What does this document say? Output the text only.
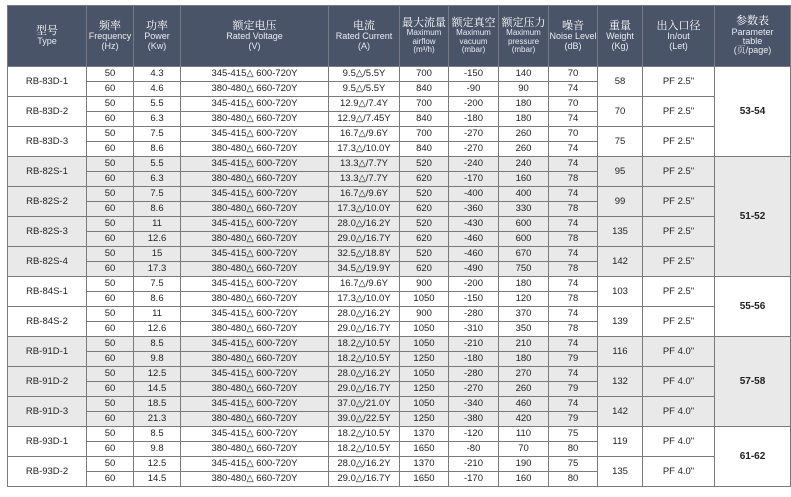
型号
Type	频率
Frequency
(Hz)	功率
Power
(Kw)	额定电压
Rated Voltage
(V)	电流
Rated Current
(A)	最大流量
Maximum
airflow
(m³/h)	额定真空
Maximum
vacuum
(mbar)	额定压力
Maximum
pressure
(mbar)	噪音
Noise Level
(dB)	重量
Weight
(Kg)	出入口径
In/out
(Let)	参数表
Parameter
table
(页/page)

RB-83D-1	50	4.3	345-415△ 600-720Y	9.5△/5.5Y	700	-150	140	70	58	PF 2.5"	53-54
	60	4.6	380-480△ 660-720Y	9.5△/5.5Y	840	-90	90	74			
RB-83D-2	50	5.5	345-415△ 600-720Y	12.9△/7.4Y	700	-200	180	70	70	PF 2.5"	
	60	6.3	380-480△ 660-720Y	12.9△/7.45Y	840	-180	180	74			
RB-83D-3	50	7.5	345-415△ 600-720Y	16.7△/9.6Y	700	-270	260	70	75	PF 2.5"	
	60	8.6	380-480△ 660-720Y	17.3△/10.0Y	840	-270	260	74			
RB-82S-1	50	5.5	345-415△ 600-720Y	13.3△/7.7Y	520	-240	240	74	95	PF 2.5"	51-52
	60	6.3	380-480△ 660-720Y	13.3△/7.7Y	620	-170	160	78			
RB-82S-2	50	7.5	345-415△ 600-720Y	16.7△/9.6Y	520	-400	400	74	99	PF 2.5"	
	60	8.6	380-480△ 660-720Y	17.3△/10.0Y	620	-360	330	78			
RB-82S-3	50	11	345-415△ 600-720Y	28.0△/16.2Y	520	-430	600	74	135	PF 2.5"	
	60	12.6	380-480△ 660-720Y	29.0△/16.7Y	620	-460	600	78			
RB-82S-4	50	15	345-415△ 600-720Y	32.5△/18.8Y	520	-460	670	74	142	PF 2.5"	
	60	17.3	380-480△ 660-720Y	34.5△/19.9Y	620	-490	750	78			
RB-84S-1	50	7.5	345-415△ 600-720Y	16.7△/9.6Y	900	-200	180	74	103	PF 2.5"	55-56
	60	8.6	380-480△ 660-720Y	17.3△/10.0Y	1050	-150	120	78			
RB-84S-2	50	11	345-415△ 600-720Y	28.0△/16.2Y	900	-280	370	74	139	PF 2.5"	
	60	12.6	380-480△ 660-720Y	29.0△/16.7Y	1050	-310	350	78			
RB-91D-1	50	8.5	345-415△ 600-720Y	18.2△/10.5Y	1050	-210	210	74	116	PF 4.0"	57-58
	60	9.8	380-480△ 660-720Y	18.2△/10.5Y	1250	-180	180	79			
RB-91D-2	50	12.5	345-415△ 600-720Y	28.0△/16.2Y	1050	-280	270	74	132	PF 4.0"	
	60	14.5	380-480△ 660-720Y	29.0△/16.7Y	1250	-270	260	79			
RB-91D-3	50	18.5	345-415△ 600-720Y	37.0△/21.0Y	1050	-340	460	74	142	PF 4.0"	
	60	21.3	380-480△ 660-720Y	39.0△/22.5Y	1250	-380	420	79			
RB-93D-1	50	8.5	345-415△ 600-720Y	18.2△/10.5Y	1370	-120	110	75	119	PF 4.0"	61-62
	60	9.8	380-480△ 660-720Y	18.2△/10.5Y	1650	-80	70	80			
RB-93D-2	50	12.5	345-415△ 600-720Y	28.0△/16.2Y	1370	-210	190	75	135	PF 4.0"	
	60	14.5	380-480△ 660-720Y	29.0△/16.7Y	1650	-170	160	80			
